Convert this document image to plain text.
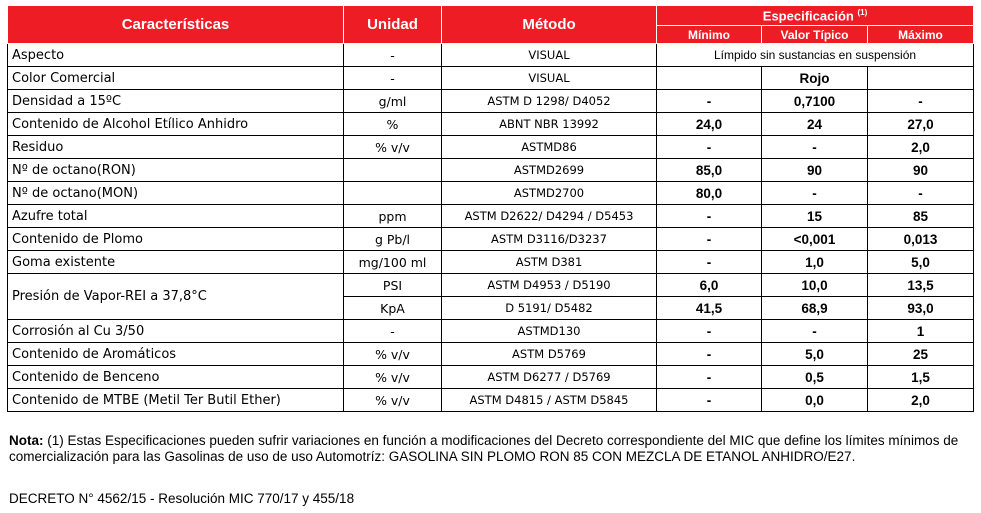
Características	Unidad	Método	Especificación $^{(1)}$
			Mínimo	Valor Típico	Máximo
Aspecto	-	VISUAL	Límpido sin sustancias en suspensión		
Color Comercial	-	VISUAL		Rojo	
Densidad a 15ºC	g/ml	ASTM D 1298/ D4052	-	0,7100	-
Contenido de Alcohol Etílico Anhidro	%	ABNT NBR 13992	24,0	24	27,0
Residuo	% v/v	ASTMD86	-	-	2,0
Nº de octano(RON)		ASTMD2699	85,0	90	90
Nº de octano(MON)		ASTMD2700	80,0	-	-
Azufre total	ppm	ASTM D2622/ D4294 / D5453	-	15	85
Contenido de Plomo	g Pb/l	ASTM D3116/D3237	-	<0,001	0,013
Goma existente	mg/100 ml	ASTM D381	-	1,0	5,0
Presión de Vapor-REI a 37,8°C	PSI	ASTM D4953 / D5190	6,0	10,0	13,5
	KpA	D 5191/ D5482	41,5	68,9	93,0
Corrosión al Cu 3/50	-	ASTMD130	-	-	1
Contenido de Aromáticos	% v/v	ASTM D5769	-	5,0	25
Contenido de Benceno	% v/v	ASTM D6277 / D5769	-	0,5	1,5
Contenido de MTBE (Metil Ter Butil Ether)	% v/v	ASTM D4815 / ASTM D5845	-	0,0	2,0

Nota: (1) Estas Especificaciones pueden sufrir variaciones en función a modificaciones del Decreto correspondiente del MIC que define los límites mínimos de comercialización para las Gasolinas de uso de uso Automotríz: GASOLINA SIN PLOMO RON 85 CON MEZCLA DE ETANOL ANHIDRO/E27.

DECRETO N° 4562/15 - Resolución MIC 770/17 y 455/18
